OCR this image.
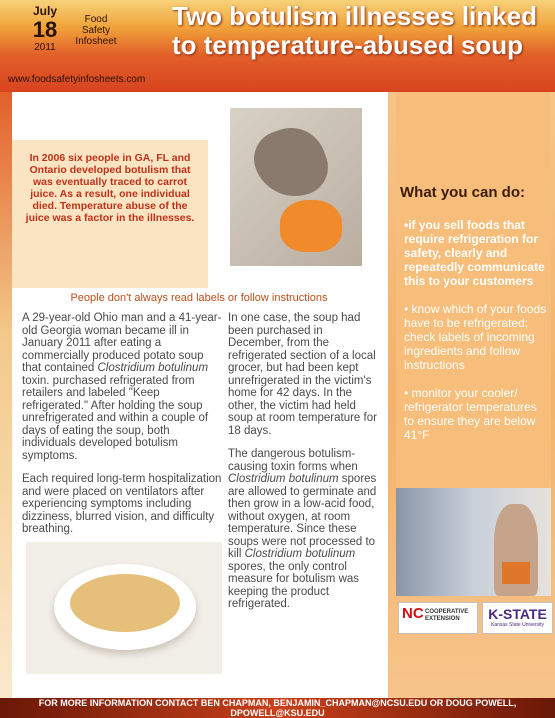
July
18
2011
Food
Safety
Infosheet
www.foodsafetyinfosheets.com
Two botulism illnesses linked to temperature-abused soup

In 2006 six people in GA, FL and Ontario developed botulism that was eventually traced to carrot juice. As a result, one individual died. Temperature abuse of the juice was a factor in the illnesses.

People don't always read labels or follow instructions

A 29-year-old Ohio man and a 41-year-old Georgia woman became ill in January 2011 after eating a commercially produced potato soup that contained Clostridium botulinum toxin. purchased refrigerated from retailers and labeled "Keep refrigerated." After holding the soup unrefrigerated and within a couple of days of eating the soup, both individuals developed botulism symptoms.

Each required long-term hospitalization and were placed on ventilators after experiencing symptoms including dizziness, blurred vision, and difficulty breathing.

In one case, the soup had been purchased in December, from the refrigerated section of a local grocer, but had been kept unrefrigerated in the victim's home for 42 days. In the other, the victim had held soup at room temperature for 18 days.

The dangerous botulism-causing toxin forms when Clostridium botulinum spores are allowed to germinate and then grow in a low-acid food, without oxygen, at room temperature. Since these soups were not processed to kill Clostridium botulinum spores, the only control measure for botulism was keeping the product refrigerated.

What you can do:
•if you sell foods that require refrigeration for safety, clearly and repeatedly communicate this to your customers
• know which of your foods have to be refrigerated; check labels of incoming ingredients and follow instructions
• monitor your cooler/ refrigerator temperatures to ensure they are below 41°F
NC COOPERATIVE
EXTENSION	K-STATE
Kansas State University

FOR MORE INFORMATION CONTACT BEN CHAPMAN, BENJAMIN_CHAPMAN@NCSU.EDU OR DOUG POWELL, DPOWELL@KSU.EDU
